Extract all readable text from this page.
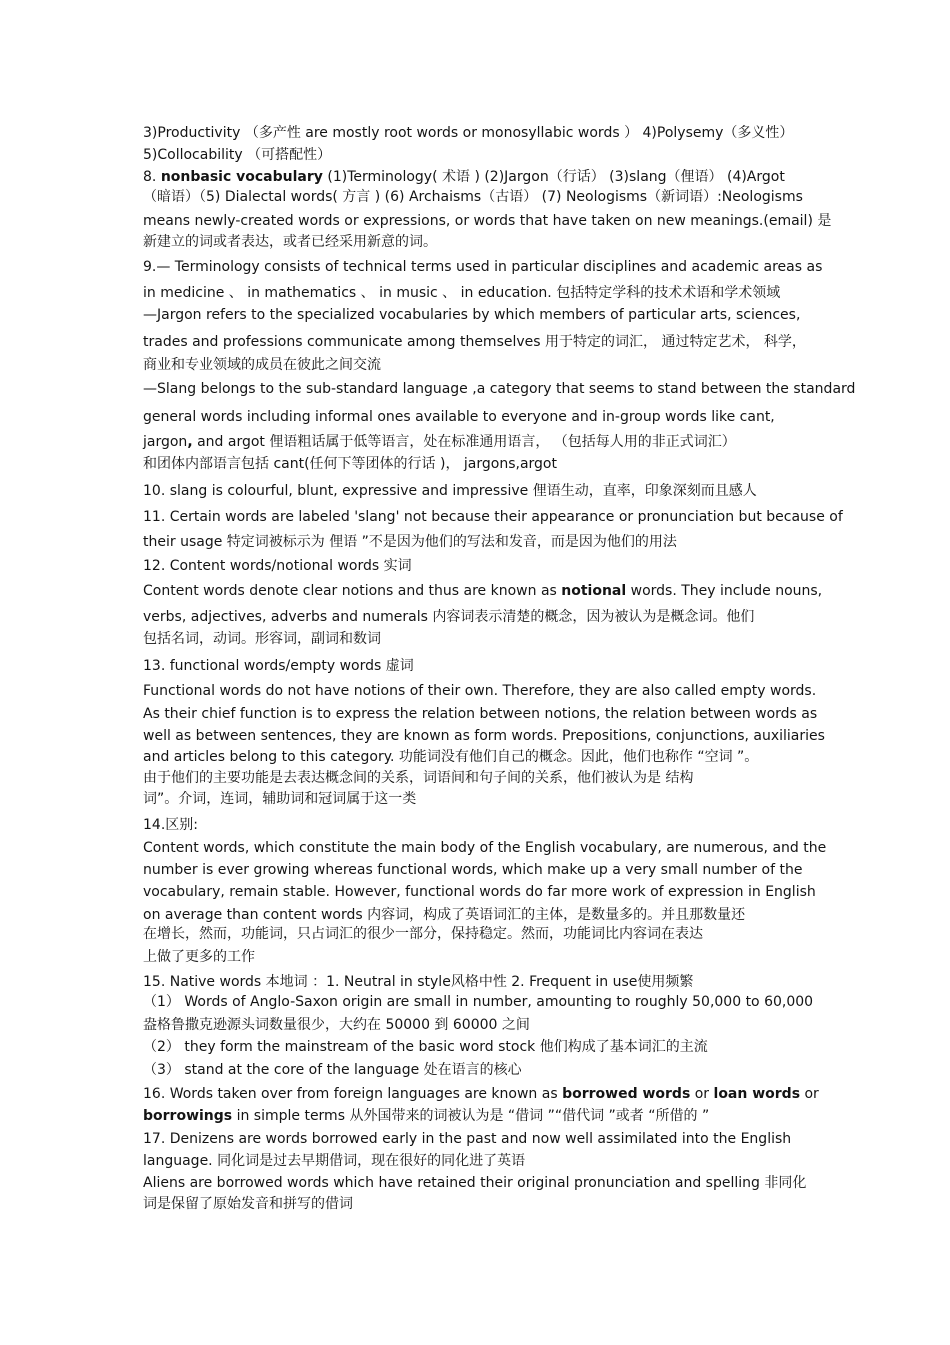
3)Productivity （多产性 are mostly root words or monosyllabic words ） 4)Polysemy（多义性）
5)Collocability （可搭配性）
8. nonbasic vocabulary (1)Terminology( 术语 ) (2)Jargon（行话） (3)slang（俚语） (4)Argot
（暗语）（5) Dialectal words( 方言 ) (6) Archaisms（古语） (7) Neologisms（新词语）:Neologisms
means newly-created words or expressions, or words that have taken on new meanings.(email) 是
新建立的词或者表达，或者已经采用新意的词。
9.— Terminology consists of technical terms used in particular disciplines and academic areas as
in medicine 、 in mathematics 、 in music 、 in education. 包括特定学科的技术术语和学术领域
—Jargon refers to the specialized vocabularies by which members of particular arts, sciences,
trades and professions communicate among themselves 用于特定的词汇， 通过特定艺术， 科学，
商业和专业领域的成员在彼此之间交流
—Slang belongs to the sub-standard language ,a category that seems to stand between the standard
general words including informal ones available to everyone and in-group words like cant,
jargon, and argot 俚语粗话属于低等语言，处在标准通用语言， （包括每人用的非正式词汇）
和团体内部语言包括 cant(任何下等团体的行话 )， jargons,argot
10. slang is colourful, blunt, expressive and impressive 俚语生动，直率，印象深刻而且感人
11. Certain words are labeled 'slang' not because their appearance or pronunciation but because of
their usage 特定词被标示为 俚语 ”不是因为他们的写法和发音，而是因为他们的用法
12. Content words/notional words 实词
Content words denote clear notions and thus are known as notional words. They include nouns,
verbs, adjectives, adverbs and numerals 内容词表示清楚的概念，因为被认为是概念词。他们
包括名词，动词。形容词，副词和数词
13. functional words/empty words 虚词
Functional words do not have notions of their own. Therefore, they are also called empty words.
As their chief function is to express the relation between notions, the relation between words as
well as between sentences, they are known as form words. Prepositions, conjunctions, auxiliaries
and articles belong to this category. 功能词没有他们自己的概念。因此，他们也称作 “空词 ”。
由于他们的主要功能是去表达概念间的关系，词语间和句子间的关系，他们被认为是 结构
词”。介词，连词，辅助词和冠词属于这一类
14.区别:
Content words, which constitute the main body of the English vocabulary, are numerous, and the
number is ever growing whereas functional words, which make up a very small number of the
vocabulary, remain stable. However, functional words do far more work of expression in English
on average than content words 内容词，构成了英语词汇的主体，是数量多的。并且那数量还
在增长，然而，功能词，只占词汇的很少一部分，保持稳定。然而，功能词比内容词在表达
上做了更多的工作
15. Native words 本地词 ：1. Neutral in style风格中性 2. Frequent in use使用频繁
（1） Words of Anglo-Saxon origin are small in number, amounting to roughly 50,000 to 60,000
盎格鲁撒克逊源头词数量很少，大约在 50000 到 60000 之间
（2） they form the mainstream of the basic word stock 他们构成了基本词汇的主流
（3） stand at the core of the language 处在语言的核心
16. Words taken over from foreign languages are known as borrowed words or loan words or
borrowings in simple terms 从外国带来的词被认为是 “借词 ”“借代词 ”或者 “所借的 ”
17. Denizens are words borrowed early in the past and now well assimilated into the English
language. 同化词是过去早期借词，现在很好的同化进了英语
Aliens are borrowed words which have retained their original pronunciation and spelling 非同化
词是保留了原始发音和拼写的借词
